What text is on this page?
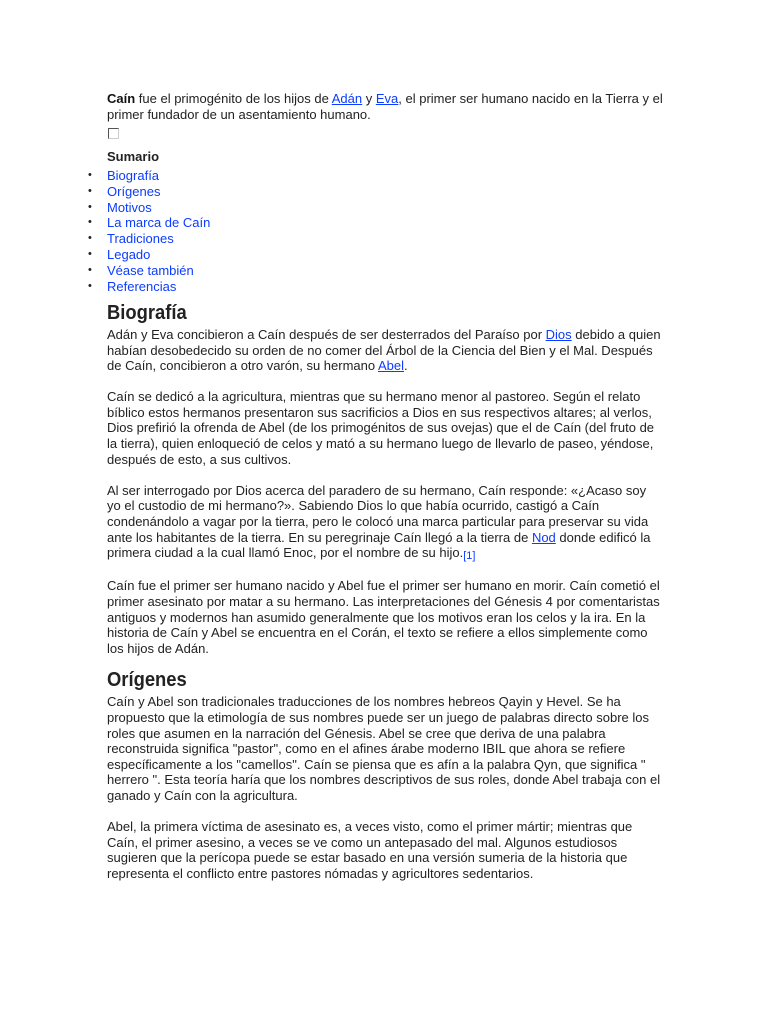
Caín fue el primogénito de los hijos de Adán y Eva, el primer ser humano nacido en la Tierra y el primer fundador de un asentamiento humano.

Sumario
• Biografía
• Orígenes
• Motivos
• La marca de Caín
• Tradiciones
• Legado
• Véase también
• Referencias
Biografía

Adán y Eva concibieron a Caín después de ser desterrados del Paraíso por Dios debido a quien habían desobedecido su orden de no comer del Árbol de la Ciencia del Bien y el Mal. Después de Caín, concibieron a otro varón, su hermano Abel.

Caín se dedicó a la agricultura, mientras que su hermano menor al pastoreo. Según el relato bíblico estos hermanos presentaron sus sacrificios a Dios en sus respectivos altares; al verlos, Dios prefirió la ofrenda de Abel (de los primogénitos de sus ovejas) que el de Caín (del fruto de la tierra), quien enloqueció de celos y mató a su hermano luego de llevarlo de paseo, yéndose, después de esto, a sus cultivos.

Al ser interrogado por Dios acerca del paradero de su hermano, Caín responde: «¿Acaso soy yo el custodio de mi hermano?». Sabiendo Dios lo que había ocurrido, castigó a Caín condenándolo a vagar por la tierra, pero le colocó una marca particular para preservar su vida ante los habitantes de la tierra. En su peregrinaje Caín llegó a la tierra de Nod donde edificó la primera ciudad a la cual llamó Enoc, por el nombre de su hijo.[1]

Caín fue el primer ser humano nacido y Abel fue el primer ser humano en morir. Caín cometió el primer asesinato por matar a su hermano. Las interpretaciones del Génesis 4 por comentaristas antiguos y modernos han asumido generalmente que los motivos eran los celos y la ira. En la historia de Caín y Abel se encuentra en el Corán, el texto se refiere a ellos simplemente como los hijos de Adán.

Orígenes

Caín y Abel son tradicionales traducciones de los nombres hebreos Qayin y Hevel. Se ha propuesto que la etimología de sus nombres puede ser un juego de palabras directo sobre los roles que asumen en la narración del Génesis. Abel se cree que deriva de una palabra reconstruida significa "pastor", como en el afines árabe moderno IBIL que ahora se refiere específicamente a los "camellos". Caín se piensa que es afín a la palabra Qyn, que significa " herrero ". Esta teoría haría que los nombres descriptivos de sus roles, donde Abel trabaja con el ganado y Caín con la agricultura.

Abel, la primera víctima de asesinato es, a veces visto, como el primer mártir; mientras que Caín, el primer asesino, a veces se ve como un antepasado del mal. Algunos estudiosos sugieren que la perícopa puede se estar basado en una versión sumeria de la historia que representa el conflicto entre pastores nómadas y agricultores sedentarios.
